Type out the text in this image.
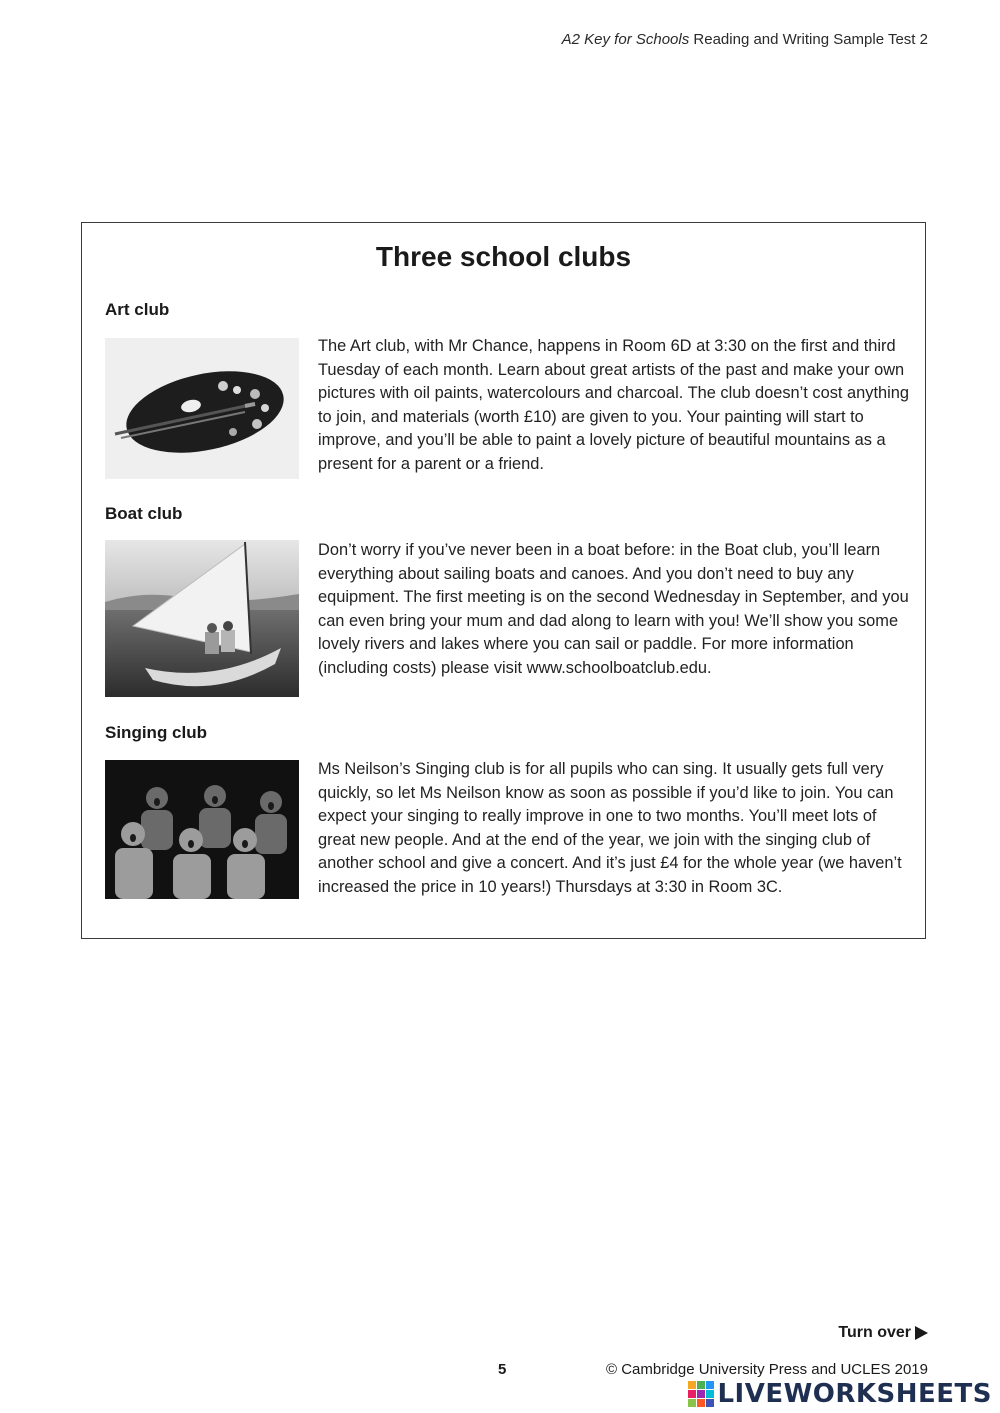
A2 Key for Schools Reading and Writing Sample Test 2
Three school clubs
Art club
The Art club, with Mr Chance, happens in Room 6D at 3:30 on the first and third Tuesday of each month. Learn about great artists of the past and make your own pictures with oil paints, watercolours and charcoal. The club doesn’t cost anything to join, and materials (worth £10) are given to you. Your painting will start to improve, and you’ll be able to paint a lovely picture of beautiful mountains as a present for a parent or a friend.
Boat club
Don’t worry if you’ve never been in a boat before: in the Boat club, you’ll learn everything about sailing boats and canoes. And you don’t need to buy any equipment. The first meeting is on the second Wednesday in September, and you can even bring your mum and dad along to learn with you! We’ll show you some lovely rivers and lakes where you can sail or paddle. For more information (including costs) please visit www.schoolboatclub.edu.
Singing club
Ms Neilson’s Singing club is for all pupils who can sing. It usually gets full very quickly, so let Ms Neilson know as soon as possible if you’d like to join. You can expect your singing to really improve in one to two months. You’ll meet lots of great new people. And at the end of the year, we join with the singing club of another school and give a concert. And it’s just £4 for the whole year (we haven’t increased the price in 10 years!) Thursdays at 3:30 in Room 3C.
Turn over
5	© Cambridge University Press and UCLES 2019
LIVEWORKSHEETS
